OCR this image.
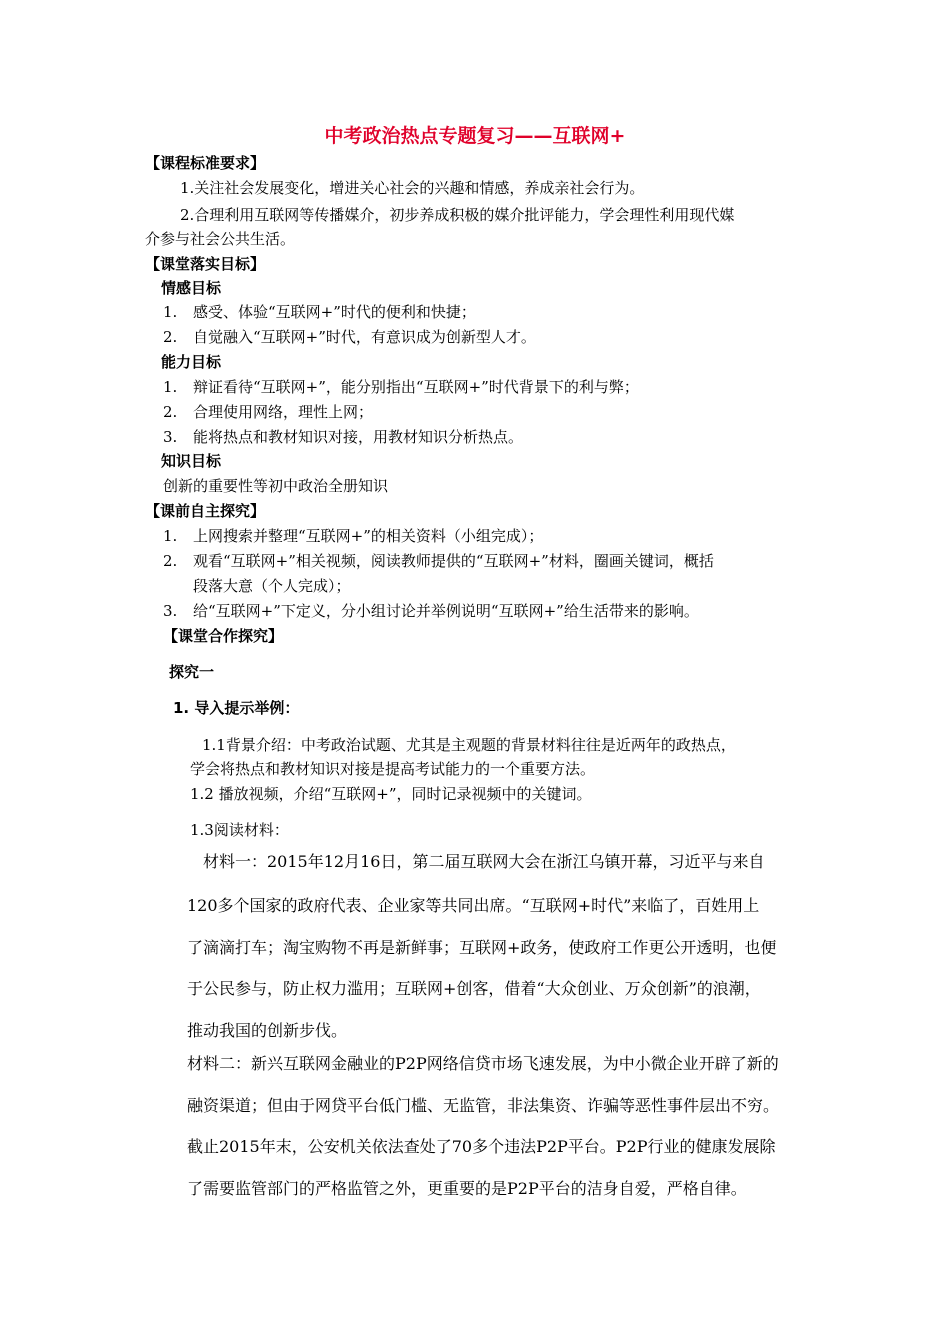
中考政治热点专题复习——互联网+
【课程标准要求】
1.关注社会发展变化，增进关心社会的兴趣和情感，养成亲社会行为。
2.合理利用互联网等传播媒介，初步养成积极的媒介批评能力，学会理性利用现代媒
介参与社会公共生活。
【课堂落实目标】
情感目标
1. 感受、体验“互联网+”时代的便利和快捷；
2. 自觉融入“互联网+”时代，有意识成为创新型人才。
能力目标
1. 辩证看待“互联网+”，能分别指出“互联网+”时代背景下的利与弊；
2. 合理使用网络，理性上网；
3. 能将热点和教材知识对接，用教材知识分析热点。
知识目标
创新的重要性等初中政治全册知识
【课前自主探究】
1. 上网搜索并整理“互联网+”的相关资料（小组完成）；
2. 观看“互联网+”相关视频，阅读教师提供的“互联网+”材料，圈画关键词，概括
段落大意（个人完成）；
3. 给“互联网+”下定义，分小组讨论并举例说明“互联网+”给生活带来的影响。
【课堂合作探究】
探究一
1. 导入提示举例：
1.1背景介绍：中考政治试题、尤其是主观题的背景材料往往是近两年的政热点，
学会将热点和教材知识对接是提高考试能力的一个重要方法。
1.2 播放视频，介绍“互联网+”，同时记录视频中的关键词。
1.3阅读材料：
材料一：2015年12月16日，第二届互联网大会在浙江乌镇开幕，习近平与来自
120多个国家的政府代表、企业家等共同出席。“互联网+时代”来临了，百姓用上
了滴滴打车；淘宝购物不再是新鲜事；互联网+政务，使政府工作更公开透明，也便
于公民参与，防止权力滥用；互联网+创客，借着“大众创业、万众创新”的浪潮，
推动我国的创新步伐。
材料二：新兴互联网金融业的P2P网络信贷市场飞速发展，为中小微企业开辟了新的
融资渠道；但由于网贷平台低门槛、无监管，非法集资、诈骗等恶性事件层出不穷。
截止2015年末，公安机关依法查处了70多个违法P2P平台。P2P行业的健康发展除
了需要监管部门的严格监管之外，更重要的是P2P平台的洁身自爱，严格自律。
